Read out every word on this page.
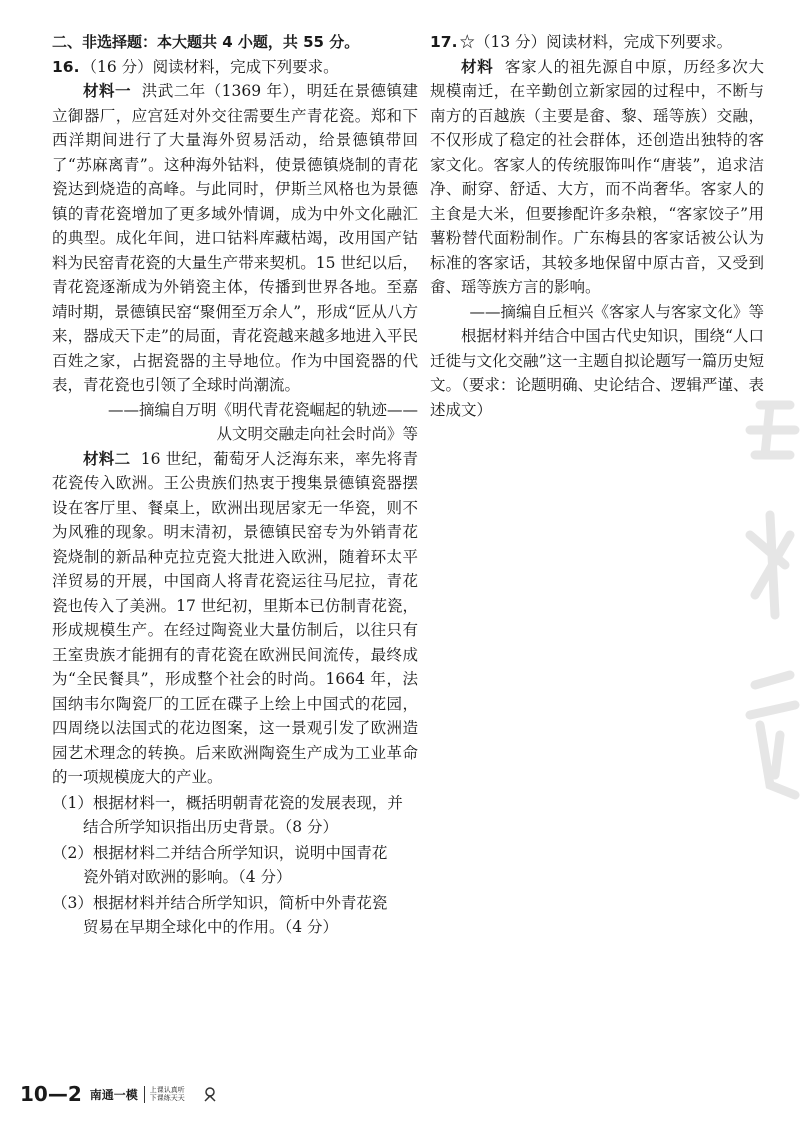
二、非选择题：本大题共 4 小题，共 55 分。

16. （16 分）阅读材料，完成下列要求。

材料一 洪武二年（1369 年），明廷在景德镇建立御器厂，应宫廷对外交往需要生产青花瓷。郑和下西洋期间进行了大量海外贸易活动，给景德镇带回了“苏麻离青”。这种海外钴料，使景德镇烧制的青花瓷达到烧造的高峰。与此同时，伊斯兰风格也为景德镇的青花瓷增加了更多域外情调，成为中外文化融汇的典型。成化年间，进口钴料库藏枯竭，改用国产钴料为民窑青花瓷的大量生产带来契机。15 世纪以后，青花瓷逐渐成为外销瓷主体，传播到世界各地。至嘉靖时期，景德镇民窑“聚佣至万余人”，形成“匠从八方来，器成天下走”的局面，青花瓷越来越多地进入平民百姓之家，占据瓷器的主导地位。作为中国瓷器的代表，青花瓷也引领了全球时尚潮流。

——摘编自万明《明代青花瓷崛起的轨迹——

从文明交融走向社会时尚》等

材料二 16 世纪，葡萄牙人泛海东来，率先将青花瓷传入欧洲。王公贵族们热衷于搜集景德镇瓷器摆设在客厅里、餐桌上，欧洲出现居家无一华瓷，则不为风雅的现象。明末清初，景德镇民窑专为外销青花瓷烧制的新品种克拉克瓷大批进入欧洲，随着环太平洋贸易的开展，中国商人将青花瓷运往马尼拉，青花瓷也传入了美洲。17 世纪初，里斯本已仿制青花瓷，形成规模生产。在经过陶瓷业大量仿制后，以往只有王室贵族才能拥有的青花瓷在欧洲民间流传，最终成为“全民餐具”，形成整个社会的时尚。1664 年，法国纳韦尔陶瓷厂的工匠在碟子上绘上中国式的花园，四周绕以法国式的花边图案，这一景观引发了欧洲造园艺术理念的转换。后来欧洲陶瓷生产成为工业革命的一项规模庞大的产业。

（1）根据材料一，概括明朝青花瓷的发展表现，并
结合所学知识指出历史背景。（8 分）
（2）根据材料二并结合所学知识，说明中国青花
瓷外销对欧洲的影响。（4 分）
（3）根据材料并结合所学知识，简析中外青花瓷
贸易在早期全球化中的作用。（4 分）
17. ☆（13 分）阅读材料，完成下列要求。

材料 客家人的祖先源自中原，历经多次大规模南迁，在辛勤创立新家园的过程中，不断与南方的百越族（主要是畲、黎、瑶等族）交融，不仅形成了稳定的社会群体，还创造出独特的客家文化。客家人的传统服饰叫作“唐装”，追求洁净、耐穿、舒适、大方，而不尚奢华。客家人的主食是大米，但要掺配许多杂粮，“客家饺子”用薯粉替代面粉制作。广东梅县的客家话被公认为标准的客家话，其较多地保留中原古音，又受到畲、瑶等族方言的影响。

——摘编自丘桓兴《客家人与客家文化》等

根据材料并结合中国古代史知识，围绕“人口迁徙与文化交融”这一主题自拟论题写一篇历史短文。（要求：论题明确、史论结合、逻辑严谨、表述成文）

10—2 南通一模	上课认真听
下课练天天
